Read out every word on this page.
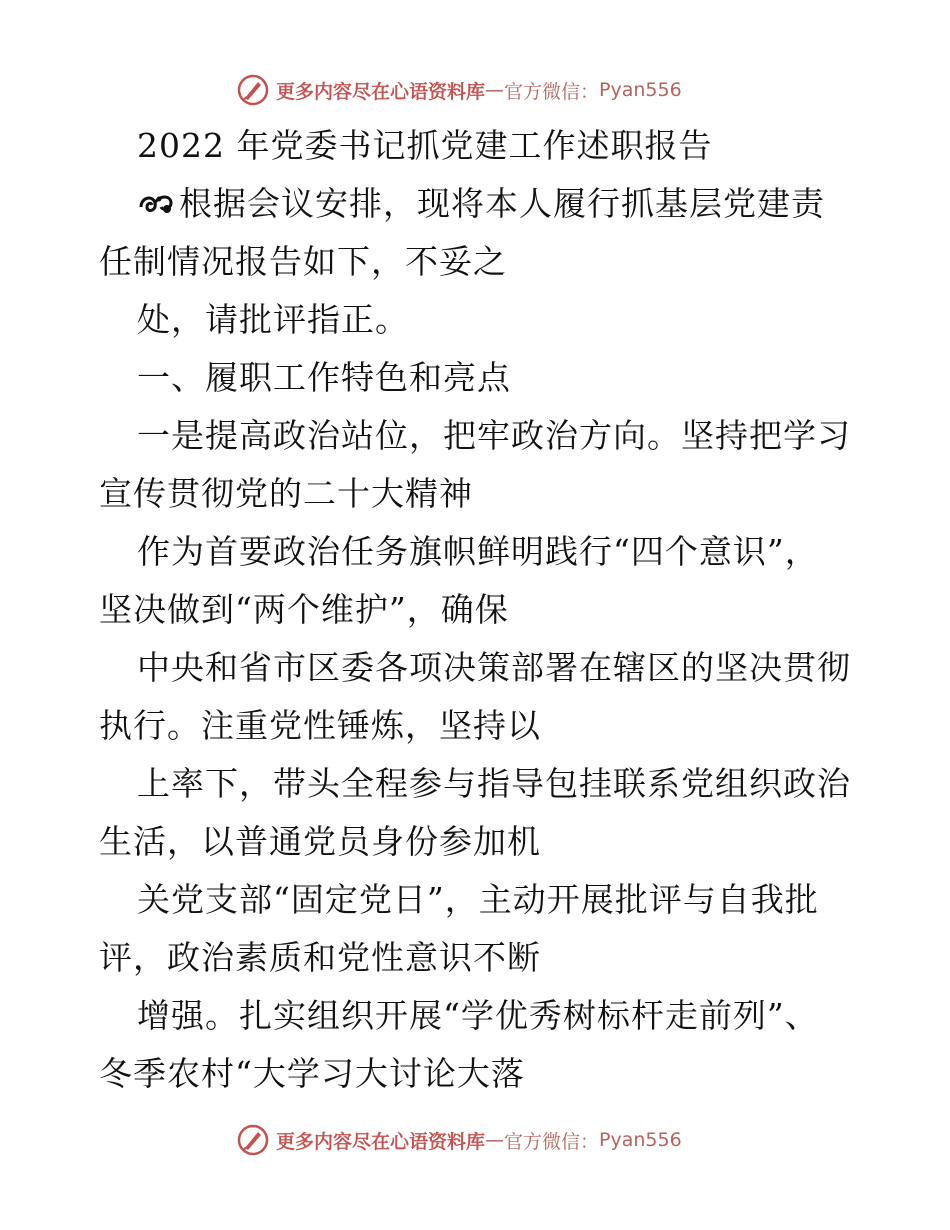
更多内容尽在心语资料库 — 官方微信： Pyan556
2022 年党委书记抓党建工作述职报告
根据会议安排，现将本人履行抓基层党建责
任制情况报告如下，不妥之
处，请批评指正。
一、履职工作特色和亮点
一是提高政治站位，把牢政治方向。坚持把学习
宣传贯彻党的二十大精神
作为首要政治任务旗帜鲜明践行“四个意识”，
坚决做到“两个维护”，确保
中央和省市区委各项决策部署在辖区的坚决贯彻
执行。注重党性锤炼，坚持以
上率下，带头全程参与指导包挂联系党组织政治
生活，以普通党员身份参加机
关党支部“固定党日”，主动开展批评与自我批
评，政治素质和党性意识不断
增强。扎实组织开展“学优秀树标杆走前列”、
冬季农村“大学习大讨论大落
更多内容尽在心语资料库 — 官方微信： Pyan556
